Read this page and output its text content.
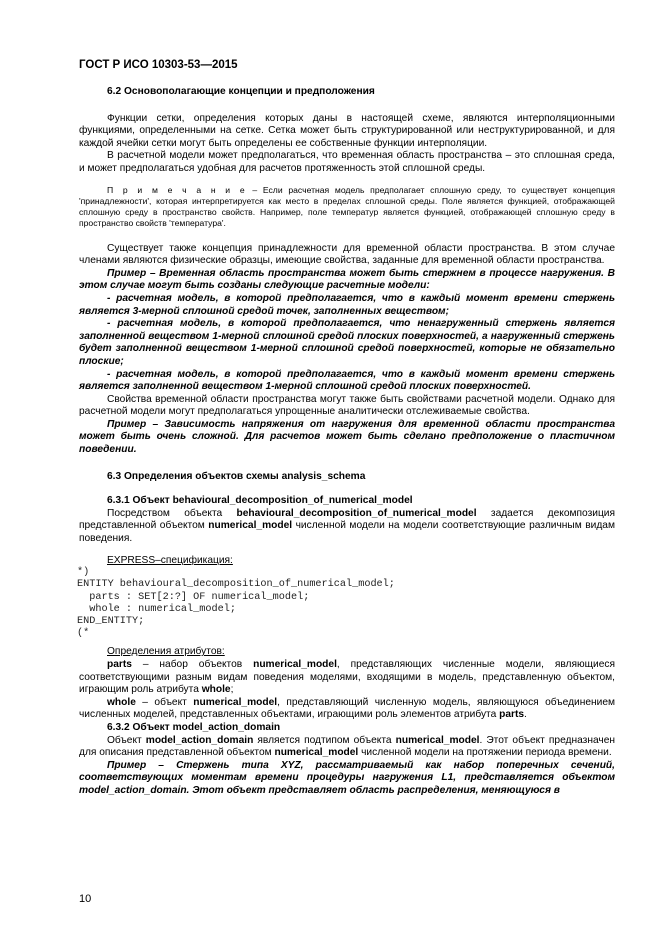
ГОСТ Р ИСО 10303-53—2015

6.2 Основополагающие концепции и предположения

Функции сетки, определения которых даны в настоящей схеме, являются интерполяционными функциями, определенными на сетке. Сетка может быть структурированной или неструктурированной, и для каждой ячейки сетки могут быть определены ее собственные функции интерполяции.

В расчетной модели может предполагаться, что временная область пространства – это сплошная среда, и может предполагаться удобная для расчетов протяженность этой сплошной среды.

П р и м е ч а н и е – Если расчетная модель предполагает сплошную среду, то существует концепция 'принадлежности', которая интерпретируется как место в пределах сплошной среды. Поле является функцией, отображающей сплошную среду в пространство свойств. Например, поле температур является функцией, отображающей сплошную среду в пространство свойств 'температура'.

Существует также концепция принадлежности для временной области пространства. В этом случае членами являются физические образцы, имеющие свойства, заданные для временной области пространства.

Пример – Временная область пространства может быть стержнем в процессе нагружения. В этом случае могут быть созданы следующие расчетные модели:

- расчетная модель, в которой предполагается, что в каждый момент времени стержень является 3-мерной сплошной средой точек, заполненных веществом;

- расчетная модель, в которой предполагается, что ненагруженный стержень является заполненной веществом 1-мерной сплошной средой плоских поверхностей, а нагруженный стержень будет заполненной веществом 1-мерной сплошной средой поверхностей, которые не обязательно плоские;

- расчетная модель, в которой предполагается, что в каждый момент времени стержень является заполненной веществом 1-мерной сплошной средой плоских поверхностей.

Свойства временной области пространства могут также быть свойствами расчетной модели. Однако для расчетной модели могут предполагаться упрощенные аналитически отслеживаемые свойства.

Пример – Зависимость напряжения от нагружения для временной области пространства может быть очень сложной. Для расчетов может быть сделано предположение о пластичном поведении.

6.3 Определения объектов схемы analysis_schema

6.3.1 Объект behavioural_decomposition_of_numerical_model

Посредством объекта behavioural_decomposition_of_numerical_model задается декомпозиция представленной объектом numerical_model численной модели на модели соответствующие различным видам поведения.

EXPRESS–спецификация:

*)
ENTITY behavioural_decomposition_of_numerical_model;
parts : SET[2:?] OF numerical_model;
whole : numerical_model;
END_ENTITY;
(*

Определения атрибутов:

parts – набор объектов numerical_model, представляющих численные модели, являющиеся соответствующими разным видам поведения моделями, входящими в модель, представленную объектом, играющим роль атрибута whole;

whole – объект numerical_model, представляющий численную модель, являющуюся объединением численных моделей, представленных объектами, играющими роль элементов атрибута parts.

6.3.2 Объект model_action_domain

Объект model_action_domain является подтипом объекта numerical_model. Этот объект предназначен для описания представленной объектом numerical_model численной модели на протяжении периода времени.

Пример – Стержень типа XYZ, рассматриваемый как набор поперечных сечений, соответствующих моментам времени процедуры нагружения L1, представляется объектом model_action_domain. Этот объект представляет область распределения, меняющуюся в

10
